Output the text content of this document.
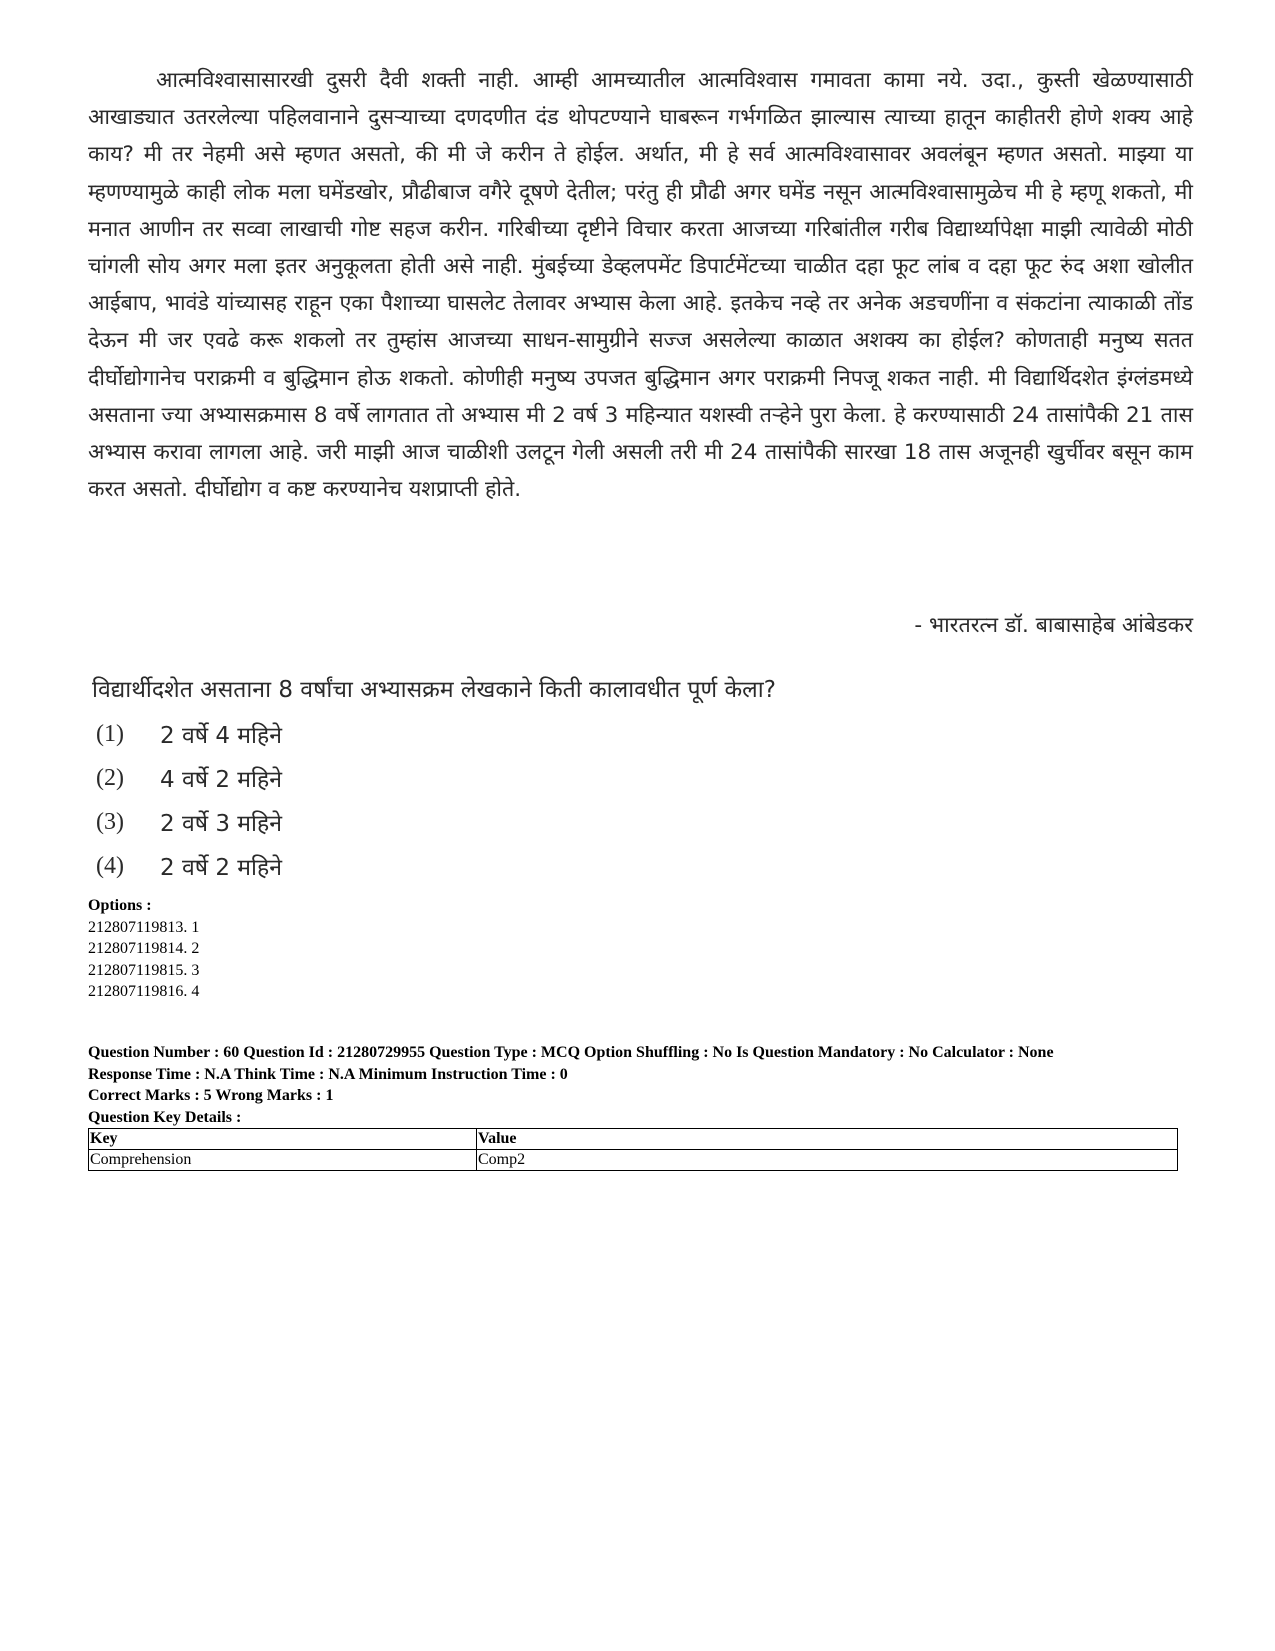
आत्मविश्वासासारखी दुसरी दैवी शक्ती नाही. आम्ही आमच्यातील आत्मविश्वास गमावता कामा नये. उदा., कुस्ती खेळण्यासाठी आखाड्यात उतरलेल्या पहिलवानाने दुसऱ्याच्या दणदणीत दंड थोपटण्याने घाबरून गर्भगळित झाल्यास त्याच्या हातून काहीतरी होणे शक्य आहे काय? मी तर नेहमी असे म्हणत असतो, की मी जे करीन ते होईल. अर्थात, मी हे सर्व आत्मविश्वासावर अवलंबून म्हणत असतो. माझ्या या म्हणण्यामुळे काही लोक मला घमेंडखोर, प्रौढीबाज वगैरे दूषणे देतील; परंतु ही प्रौढी अगर घमेंड नसून आत्मविश्वासामुळेच मी हे म्हणू शकतो, मी मनात आणीन तर सव्वा लाखाची गोष्ट सहज करीन. गरिबीच्या दृष्टीने विचार करता आजच्या गरिबांतील गरीब विद्यार्थ्यापेक्षा माझी त्यावेळी मोठी चांगली सोय अगर मला इतर अनुकूलता होती असे नाही. मुंबईच्या डेव्हलपमेंट डिपार्टमेंटच्या चाळीत दहा फूट लांब व दहा फूट रुंद अशा खोलीत आईबाप, भावंडे यांच्यासह राहून एका पैशाच्या घासलेट तेलावर अभ्यास केला आहे. इतकेच नव्हे तर अनेक अडचणींना व संकटांना त्याकाळी तोंड देऊन मी जर एवढे करू शकलो तर तुम्हांस आजच्या साधन-सामुग्रीने सज्ज असलेल्या काळात अशक्य का होईल? कोणताही मनुष्य सतत दीर्घोद्योगानेच पराक्रमी व बुद्धिमान होऊ शकतो. कोणीही मनुष्य उपजत बुद्धिमान अगर पराक्रमी निपजू शकत नाही. मी विद्यार्थिदशेत इंग्लंडमध्ये असताना ज्या अभ्यासक्रमास 8 वर्षे लागतात तो अभ्यास मी 2 वर्ष 3 महिन्यात यशस्वी तऱ्हेने पुरा केला. हे करण्यासाठी 24 तासांपैकी 21 तास अभ्यास करावा लागला आहे. जरी माझी आज चाळीशी उलटून गेली असली तरी मी 24 तासांपैकी सारखा 18 तास अजूनही खुर्चीवर बसून काम करत असतो. दीर्घोद्योग व कष्ट करण्यानेच यशप्राप्ती होते.
- भारतरत्न डॉ. बाबासाहेब आंबेडकर
विद्यार्थीदशेत असताना 8 वर्षांचा अभ्यासक्रम लेखकाने किती कालावधीत पूर्ण केला?
(1)	2 वर्षे 4 महिने
(2)	4 वर्षे 2 महिने
(3)	2 वर्षे 3 महिने
(4)	2 वर्षे 2 महिने
Options :
212807119813. 1
212807119814. 2
212807119815. 3
212807119816. 4
Question Number : 60 Question Id : 21280729955 Question Type : MCQ Option Shuffling : No Is Question Mandatory : No Calculator : None
Response Time : N.A Think Time : N.A Minimum Instruction Time : 0
Correct Marks : 5 Wrong Marks : 1
Question Key Details :
Key	Value
Comprehension	Comp2
